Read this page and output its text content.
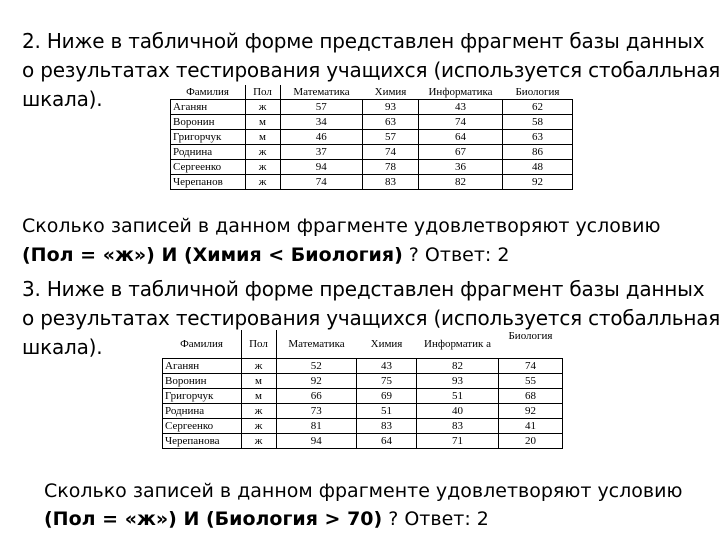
2. Ниже в табличной форме представлен фрагмент базы данных
о результатах тестирования учащихся (используется стобалльная
шкала).	Фамилия	Пол	Математика	Химия	Информатика	Биология
Аганян	ж	57	93	43	62
Воронин	м	34	63	74	58
Григорчук	м	46	57	64	63
Роднина	ж	37	74	67	86
Сергеенко	ж	94	78	36	48
Черепанов	ж	74	83	82	92
Сколько записей в данном фрагменте удовлетворяют условию
(Пол = «ж») И (Химия < Биология) ? Ответ: 2
3. Ниже в табличной форме представлен фрагмент базы данных
о результатах тестирования учащихся (используется стобалльная
шкала).	Фамилия	Пол	Математика	Химия	Информатик а	Биология
Аганян	ж	52	43	82	74
Воронин	м	92	75	93	55
Григорчук	м	66	69	51	68
Роднина	ж	73	51	40	92
Сергеенко	ж	81	83	83	41
Черепанова	ж	94	64	71	20
Сколько записей в данном фрагменте удовлетворяют условию
(Пол = «ж») И (Биология > 70) ? Ответ: 2
